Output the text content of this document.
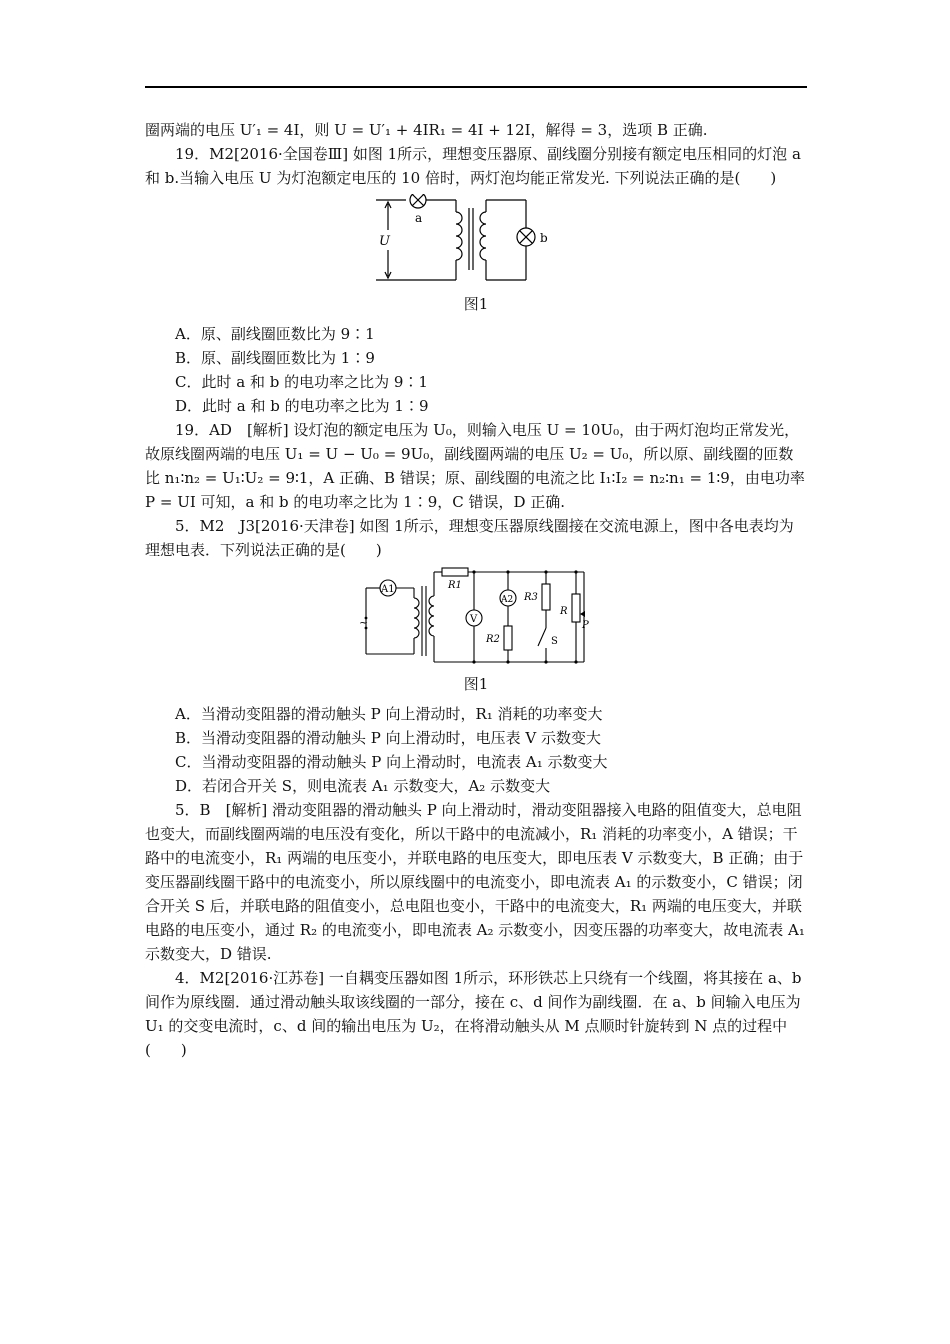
圈两端的电压 U′₁ = 4I，则 U = U′₁ + 4IR₁ = 4I + 12I，解得 = 3，选项 B 正确.

19．M2[2016·全国卷Ⅲ] 如图 1所示，理想变压器原、副线圈分别接有额定电压相同的灯泡 a 和 b.当输入电压 U 为灯泡额定电压的 10 倍时，两灯泡均能正常发光. 下列说法正确的是(　　)

U
a
b

图1

A．原、副线圈匝数比为 9∶1

B．原、副线圈匝数比为 1∶9

C．此时 a 和 b 的电功率之比为 9∶1

D．此时 a 和 b 的电功率之比为 1∶9

19．AD　[解析] 设灯泡的额定电压为 U₀，则输入电压 U = 10U₀，由于两灯泡均正常发光，故原线圈两端的电压 U₁ = U − U₀ = 9U₀，副线圈两端的电压 U₂ = U₀，所以原、副线圈的匝数比 n₁∶n₂ = U₁∶U₂ = 9∶1，A 正确、B 错误；原、副线圈的电流之比 I₁∶I₂ = n₂∶n₁ = 1∶9，由电功率 P = UI 可知，a 和 b 的电功率之比为 1∶9，C 错误，D 正确.

5．M2　J3[2016·天津卷] 如图 1所示，理想变压器原线圈接在交流电源上，图中各电表均为理想电表．下列说法正确的是(　　)

A1
~
R1
V
A2
R2
R3
S
R
P

图1

A．当滑动变阻器的滑动触头 P 向上滑动时，R₁ 消耗的功率变大

B．当滑动变阻器的滑动触头 P 向上滑动时，电压表 V 示数变大

C．当滑动变阻器的滑动触头 P 向上滑动时，电流表 A₁ 示数变大

D．若闭合开关 S，则电流表 A₁ 示数变大，A₂ 示数变大

5．B　[解析] 滑动变阻器的滑动触头 P 向上滑动时，滑动变阻器接入电路的阻值变大，总电阻也变大，而副线圈两端的电压没有变化，所以干路中的电流减小，R₁ 消耗的功率变小，A 错误；干路中的电流变小，R₁ 两端的电压变小，并联电路的电压变大，即电压表 V 示数变大，B 正确；由于变压器副线圈干路中的电流变小，所以原线圈中的电流变小，即电流表 A₁ 的示数变小，C 错误；闭合开关 S 后，并联电路的阻值变小，总电阻也变小，干路中的电流变大，R₁ 两端的电压变大，并联电路的电压变小，通过 R₂ 的电流变小，即电流表 A₂ 示数变小，因变压器的功率变大，故电流表 A₁ 示数变大，D 错误.

4．M2[2016·江苏卷] 一自耦变压器如图 1所示，环形铁芯上只绕有一个线圈，将其接在 a、b 间作为原线圈．通过滑动触头取该线圈的一部分，接在 c、d 间作为副线圈．在 a、b 间输入电压为 U₁ 的交变电流时，c、d 间的输出电压为 U₂，在将滑动触头从 M 点顺时针旋转到 N 点的过程中(　　)
